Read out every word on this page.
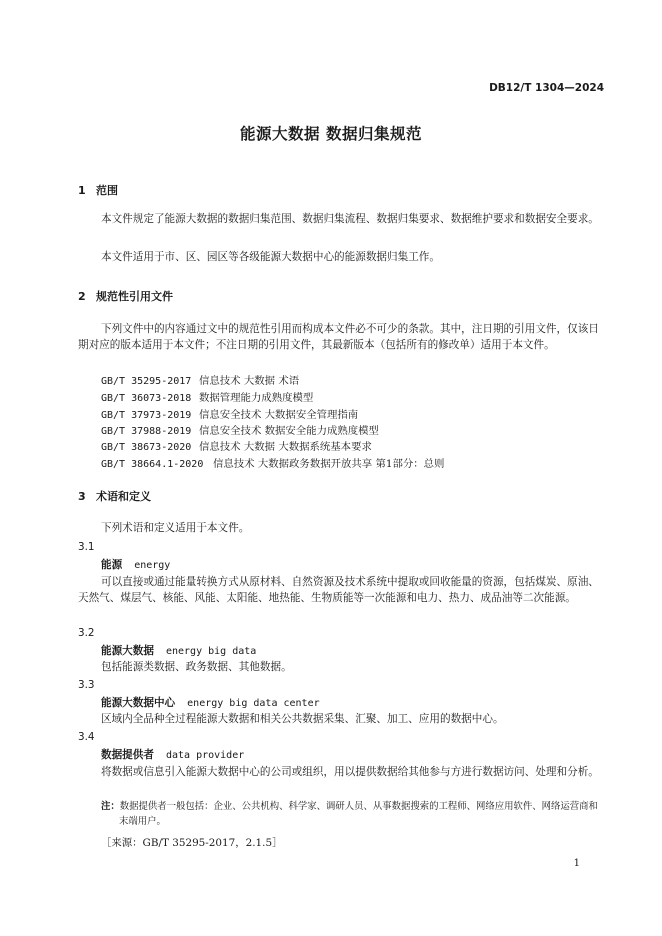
DB12/T 1304—2024
能源大数据 数据归集规范
1 范围
本文件规定了能源大数据的数据归集范围、数据归集流程、数据归集要求、数据维护要求和数据安全要求。
本文件适用于市、区、园区等各级能源大数据中心的能源数据归集工作。
2 规范性引用文件
下列文件中的内容通过文中的规范性引用而构成本文件必不可少的条款。其中，注日期的引用文件，仅该日期对应的版本适用于本文件；不注日期的引用文件，其最新版本（包括所有的修改单）适用于本文件。
GB/T 35295-2017 信息技术 大数据 术语
GB/T 36073-2018 数据管理能力成熟度模型
GB/T 37973-2019 信息安全技术 大数据安全管理指南
GB/T 37988-2019 信息安全技术 数据安全能力成熟度模型
GB/T 38673-2020 信息技术 大数据 大数据系统基本要求
GB/T 38664.1-2020 信息技术 大数据政务数据开放共享 第1部分：总则
3 术语和定义
下列术语和定义适用于本文件。
3.1
能源 energy
可以直接或通过能量转换方式从原材料、自然资源及技术系统中提取或回收能量的资源，包括煤炭、原油、天然气、煤层气、核能、风能、太阳能、地热能、生物质能等一次能源和电力、热力、成品油等二次能源。
3.2
能源大数据 energy big data
包括能源类数据、政务数据、其他数据。
3.3
能源大数据中心 energy big data center
区域内全品种全过程能源大数据和相关公共数据采集、汇聚、加工、应用的数据中心。
3.4
数据提供者 data provider
将数据或信息引入能源大数据中心的公司或组织，用以提供数据给其他参与方进行数据访问、处理和分析。
注：数据提供者一般包括：企业、公共机构、科学家、调研人员、从事数据搜索的工程师、网络应用软件、网络运营商和末端用户。
［来源：GB/T 35295-2017，2.1.5］
1
